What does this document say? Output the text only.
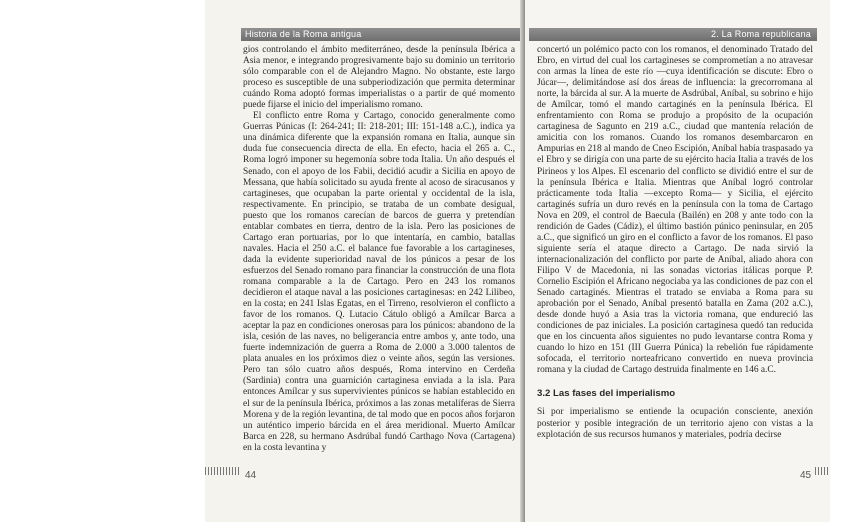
Historia de la Roma antigua

gios controlando el ámbito mediterráneo, desde la península Ibérica a Asia menor, e integrando progresivamente bajo su dominio un territorio sólo comparable con el de Alejandro Magno. No obstante, este largo proceso es susceptible de una subperiodización que permita determinar cuándo Roma adoptó formas imperialistas o a partir de qué momento puede fijarse el inicio del imperialismo romano.

El conflicto entre Roma y Cartago, conocido generalmente como Guerras Púnicas (I: 264-241; II: 218-201; III: 151-148 a.C.), indica ya una dinámica diferente que la expansión romana en Italia, aunque sin duda fue consecuencia directa de ella. En efecto, hacia el 265 a. C., Roma logró imponer su hegemonía sobre toda Italia. Un año después el Senado, con el apoyo de los Fabii, decidió acudir a Sicilia en apoyo de Messana, que había solicitado su ayuda frente al acoso de siracusanos y cartagineses, que ocupaban la parte oriental y occidental de la isla, respectivamente. En principio, se trataba de un combate desigual, puesto que los romanos carecían de barcos de guerra y pretendían entablar combates en tierra, dentro de la isla. Pero las posiciones de Cartago eran portuarias, por lo que intentaría, en cambio, batallas navales. Hacia el 250 a.C. el balance fue favorable a los cartagineses, dada la evidente superioridad naval de los púnicos a pesar de los esfuerzos del Senado romano para financiar la construcción de una flota romana comparable a la de Cartago. Pero en 243 los romanos decidieron el ataque naval a las posiciones cartaginesas: en 242 Lilibeo, en la costa; en 241 Islas Egatas, en el Tirreno, resolvieron el conflicto a favor de los romanos. Q. Lutacio Cátulo obligó a Amílcar Barca a aceptar la paz en condiciones onerosas para los púnicos: abandono de la isla, cesión de las naves, no beligerancia entre ambos y, ante todo, una fuerte indemnización de guerra a Roma de 2.000 a 3.000 talentos de plata anuales en los próximos diez o veinte años, según las versiones. Pero tan sólo cuatro años después, Roma intervino en Cerdeña (Sardinia) contra una guarnición cartaginesa enviada a la isla. Para entonces Amílcar y sus supervivientes púnicos se habían establecido en el sur de la península Ibérica, próximos a las zonas metalíferas de Sierra Morena y de la región levantina, de tal modo que en pocos años forjaron un auténtico imperio bárcida en el área meridional. Muerto Amílcar Barca en 228, su hermano Asdrúbal fundó Carthago Nova (Cartagena) en la costa levantina y

44
2. La Roma republicana

concertó un polémico pacto con los romanos, el denominado Tratado del Ebro, en virtud del cual los cartagineses se comprometían a no atravesar con armas la línea de este río —cuya identificación se discute: Ebro o Júcar—, delimitándose así dos áreas de influencia: la grecorromana al norte, la bárcida al sur. A la muerte de Asdrúbal, Aníbal, su sobrino e hijo de Amílcar, tomó el mando cartaginés en la península Ibérica. El enfrentamiento con Roma se produjo a propósito de la ocupación cartaginesa de Sagunto en 219 a.C., ciudad que mantenía relación de amicitia con los romanos. Cuando los romanos desembarcaron en Ampurias en 218 al mando de Cneo Escipión, Aníbal había traspasado ya el Ebro y se dirigía con una parte de su ejército hacia Italia a través de los Pirineos y los Alpes. El escenario del conflicto se dividió entre el sur de la península Ibérica e Italia. Mientras que Aníbal logró controlar prácticamente toda Italia —excepto Roma— y Sicilia, el ejército cartaginés sufría un duro revés en la península con la toma de Cartago Nova en 209, el control de Baecula (Bailén) en 208 y ante todo con la rendición de Gades (Cádiz), el último bastión púnico peninsular, en 205 a.C., que significó un giro en el conflicto a favor de los romanos. El paso siguiente sería el ataque directo a Cartago. De nada sirvió la internacionalización del conflicto por parte de Aníbal, aliado ahora con Filipo V de Macedonia, ni las sonadas victorias itálicas porque P. Cornelio Escipión el Africano negociaba ya las condiciones de paz con el Senado cartaginés. Mientras el tratado se enviaba a Roma para su aprobación por el Senado, Aníbal presentó batalla en Zama (202 a.C.), desde donde huyó a Asia tras la victoria romana, que endureció las condiciones de paz iniciales. La posición cartaginesa quedó tan reducida que en los cincuenta años siguientes no pudo levantarse contra Roma y cuando lo hizo en 151 (III Guerra Púnica) la rebelión fue rápidamente sofocada, el territorio norteafricano convertido en nueva provincia romana y la ciudad de Cartago destruida finalmente en 146 a.C.

3.2 Las fases del imperialismo

Si por imperialismo se entiende la ocupación consciente, anexión posterior y posible integración de un territorio ajeno con vistas a la explotación de sus recursos humanos y materiales, podría decirse

45
